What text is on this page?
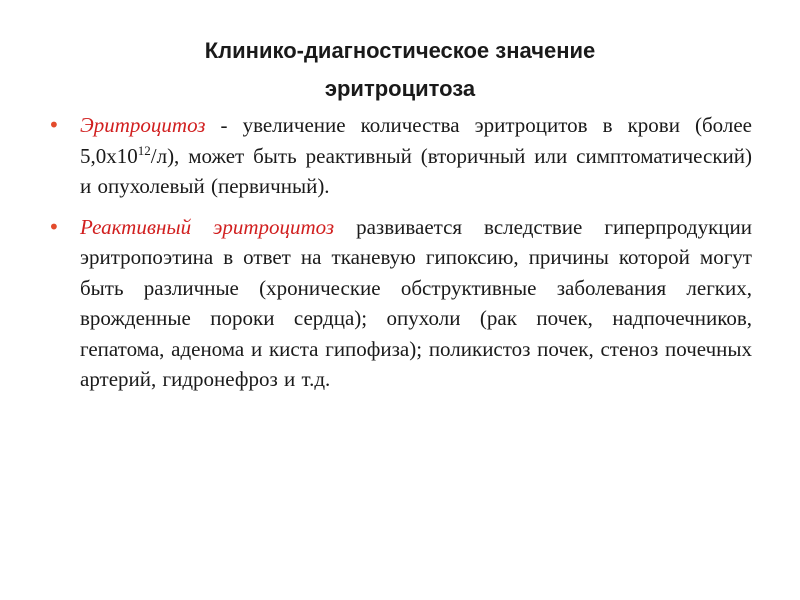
Клинико-диагностическое значение
эритроцитоза
• Эритроцитоз - увеличение количества эритроцитов в крови (более $5,0х10^{12}/л$), может быть реактивный (вторичный или симптоматический) и опухолевый (первичный).
• Реактивный эритроцитоз развивается вследствие гиперпродукции эритропоэтина в ответ на тканевую гипоксию, причины которой могут быть различные (хронические обструктивные заболевания легких, врожденные пороки сердца); опухоли (рак почек, надпочечников, гепатома, аденома и киста гипофиза); поликистоз почек, стеноз почечных артерий, гидронефроз и т.д.
